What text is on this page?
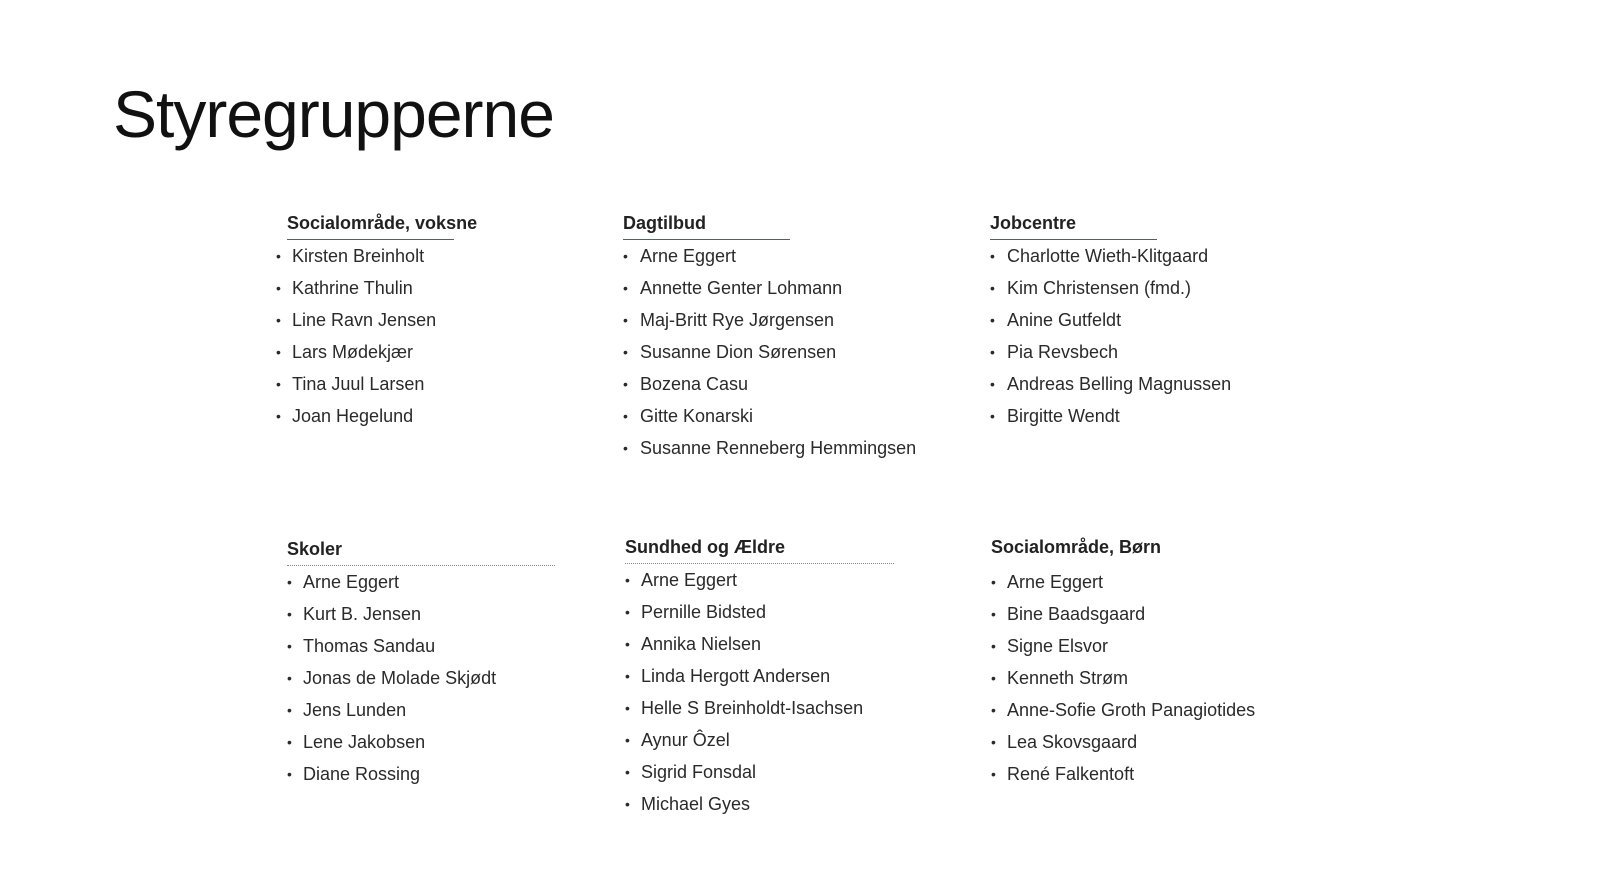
Styregrupperne
Socialområde, voksne
• Kirsten Breinholt
• Kathrine Thulin
• Line Ravn Jensen
• Lars Mødekjær
• Tina Juul Larsen
• Joan Hegelund
Dagtilbud
• Arne Eggert
• Annette Genter Lohmann
• Maj-Britt Rye Jørgensen
• Susanne Dion Sørensen
• Bozena Casu
• Gitte Konarski
• Susanne Renneberg Hemmingsen
Jobcentre
• Charlotte Wieth-Klitgaard
• Kim Christensen (fmd.)
• Anine Gutfeldt
• Pia Revsbech
• Andreas Belling Magnussen
• Birgitte Wendt
Skoler
• Arne Eggert
• Kurt B. Jensen
• Thomas Sandau
• Jonas de Molade Skjødt
• Jens Lunden
• Lene Jakobsen
• Diane Rossing
Sundhed og Ældre
• Arne Eggert
• Pernille Bidsted
• Annika Nielsen
• Linda Hergott Andersen
• Helle S Breinholdt-Isachsen
• Aynur Ôzel
• Sigrid Fonsdal
• Michael Gyes
Socialområde, Børn
• Arne Eggert
• Bine Baadsgaard
• Signe Elsvor
• Kenneth Strøm
• Anne-Sofie Groth Panagiotides
• Lea Skovsgaard
• René Falkentoft
